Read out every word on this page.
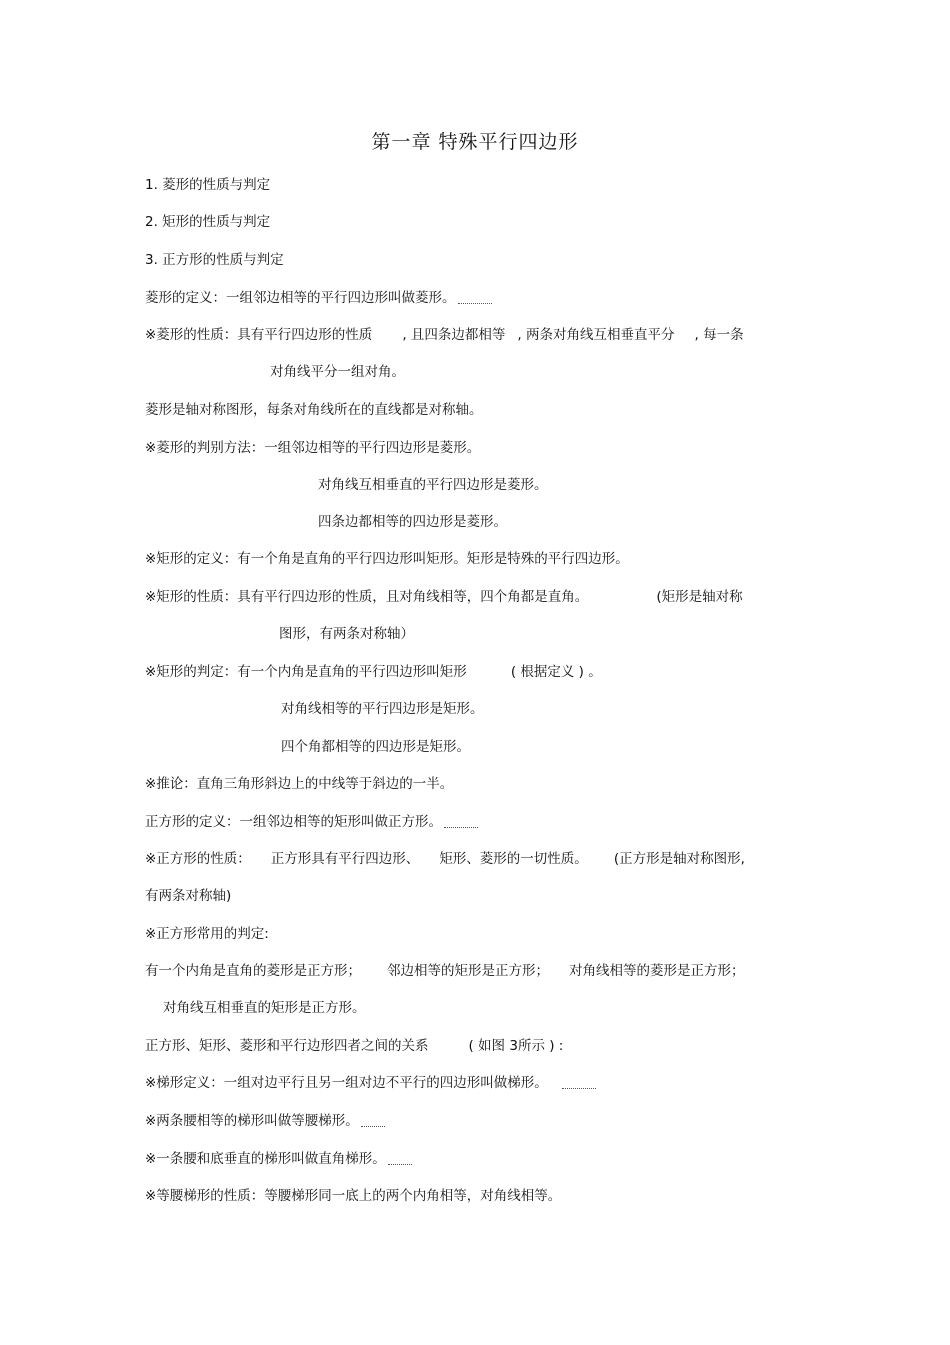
第一章 特殊平行四边形
1. 菱形的性质与判定
2. 矩形的性质与判定
3. 正方形的性质与判定
菱形的定义：一组邻边相等的平行四边形叫做菱形。
※菱形的性质：具有平行四边形的性质 , 且四条边都相等 , 两条对角线互相垂直平分 , 每一条
对角线平分一组对角。
菱形是轴对称图形，每条对角线所在的直线都是对称轴。
※菱形的判别方法：一组邻边相等的平行四边形是菱形。
对角线互相垂直的平行四边形是菱形。
四条边都相等的四边形是菱形。
※矩形的定义：有一个角是直角的平行四边形叫矩形。矩形是特殊的平行四边形。
※矩形的性质：具有平行四边形的性质，且对角线相等，四个角都是直角。	(矩形是轴对称
图形，有两条对称轴）
※矩形的判定：有一个内角是直角的平行四边形叫矩形	( 根据定义 ) 。
对角线相等的平行四边形是矩形。
四个角都相等的四边形是矩形。
※推论：直角三角形斜边上的中线等于斜边的一半。
正方形的定义：一组邻边相等的矩形叫做正方形。
※正方形的性质： 正方形具有平行四边形、 矩形、菱形的一切性质。 (正方形是轴对称图形,
有两条对称轴)
※正方形常用的判定:
有一个内角是直角的菱形是正方形； 邻边相等的矩形是正方形； 对角线相等的菱形是正方形；
对角线互相垂直的矩形是正方形。
正方形、矩形、菱形和平行边形四者之间的关系	( 如图 3所示 ) :
※梯形定义：一组对边平行且另一组对边不平行的四边形叫做梯形。
※两条腰相等的梯形叫做等腰梯形。
※一条腰和底垂直的梯形叫做直角梯形。
※等腰梯形的性质：等腰梯形同一底上的两个内角相等，对角线相等。
